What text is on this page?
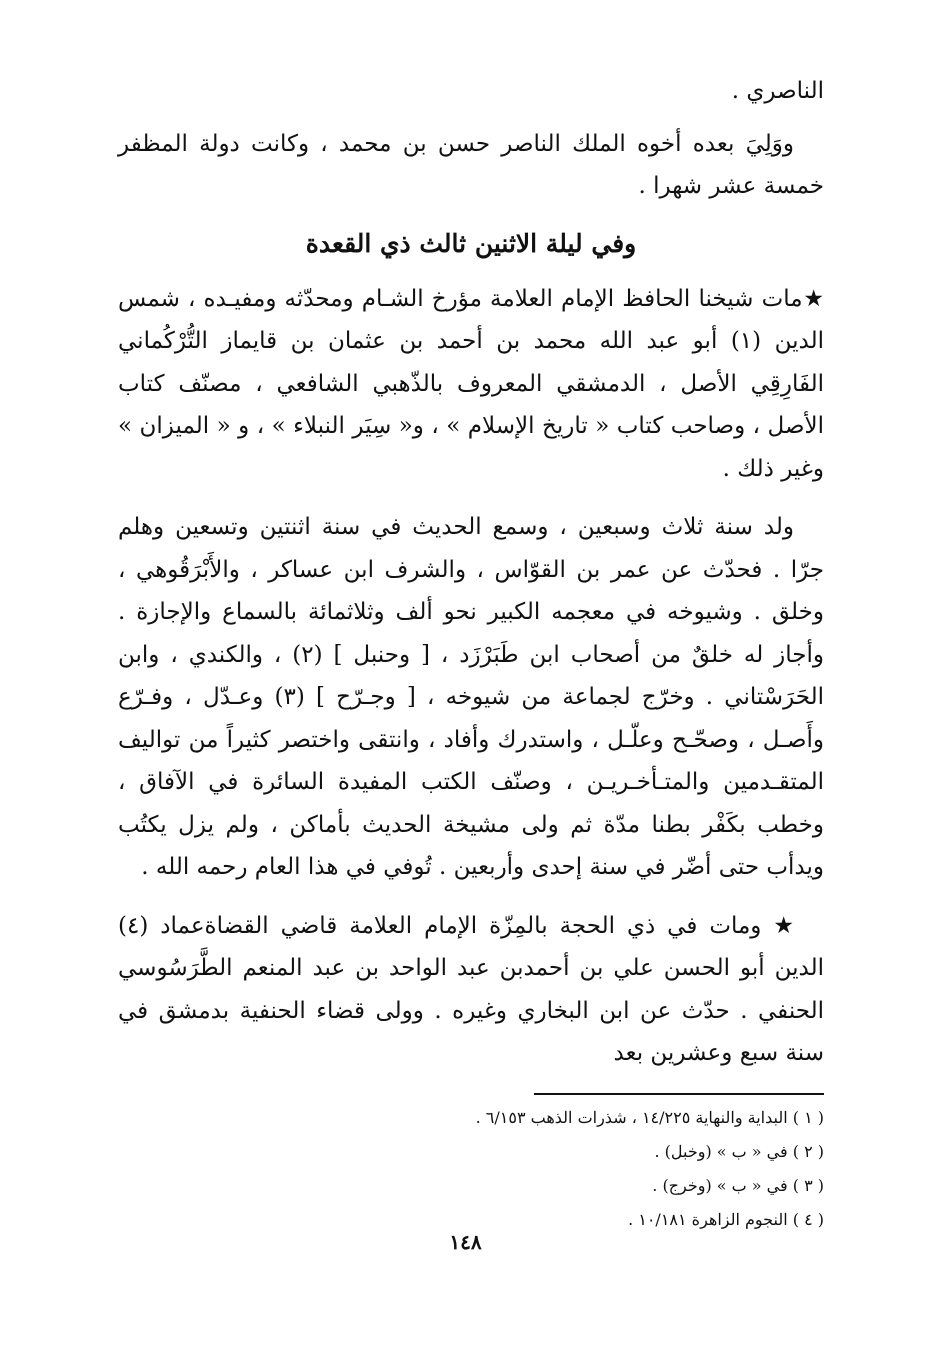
الناصري .

ووَلِيَ بعده أخوه الملك الناصر حسن بن محمد ، وكانت دولة المظفر خمسة عشر شهرا .

وفي ليلة الاثنين ثالث ذي القعدة

★مات شيخنا الحافظ الإمام العلامة مؤرخ الشـام ومحدّثه ومفيـده ، شمس الدين (١) أبو عبد الله محمد بن أحمد بن عثمان بن قايماز التُّرْكُماني الفَارِقِي الأصل ، الدمشقي المعروف بالذّهبي الشافعي ، مصنّف كتاب الأصل ، وصاحب كتاب « تاريخ الإسلام » ، و« سِيَر النبلاء » ، و « الميزان » وغير ذلك .

ولد سنة ثلاث وسبعين ، وسمع الحديث في سنة اثنتين وتسعين وهلم جرّا . فحدّث عن عمر بن القوّاس ، والشرف ابن عساكر ، والأَبْرَقُوهي ، وخلق . وشيوخه في معجمه الكبير نحو ألف وثلاثمائة بالسماع والإجازة . وأجاز له خلقٌ من أصحاب ابن طَبَرْزَد ، [ وحنبل ] (٢) ، والكندي ، وابن الحَرَسْتاني . وخرّج لجماعة من شيوخه ، [ وجـرّح ] (٣) وعـدّل ، وفـرّع وأَصـل ، وصحّـح وعلّـل ، واستدرك وأفاد ، وانتقى واختصر كثيراً من تواليف المتقـدمين والمتـأخـريـن ، وصنّف الكتب المفيدة السائرة في الآفاق ، وخطب بكَفْر بطنا مدّة ثم ولى مشيخة الحديث بأماكن ، ولم يزل يكتُب ويدأب حتى أضّر في سنة إحدى وأربعين . تُوفي في هذا العام رحمه الله .

★ ومات في ذي الحجة بالمِزّة الإمام العلامة قاضي القضاةعماد (٤) الدين أبو الحسن علي بن أحمدبن عبد الواحد بن عبد المنعم الطَّرَسُوسي الحنفي . حدّث عن ابن البخاري وغيره . وولى قضاء الحنفية بدمشق في سنة سبع وعشرين بعد

( ١ ) البداية والنهاية ١٤/٢٢٥ ، شذرات الذهب ٦/١٥٣ .

( ٢ ) في « ب » (وخبل) .

( ٣ ) في « ب » (وخرج) .

( ٤ ) النجوم الزاهرة ١٠/١٨١ .

١٤٨
